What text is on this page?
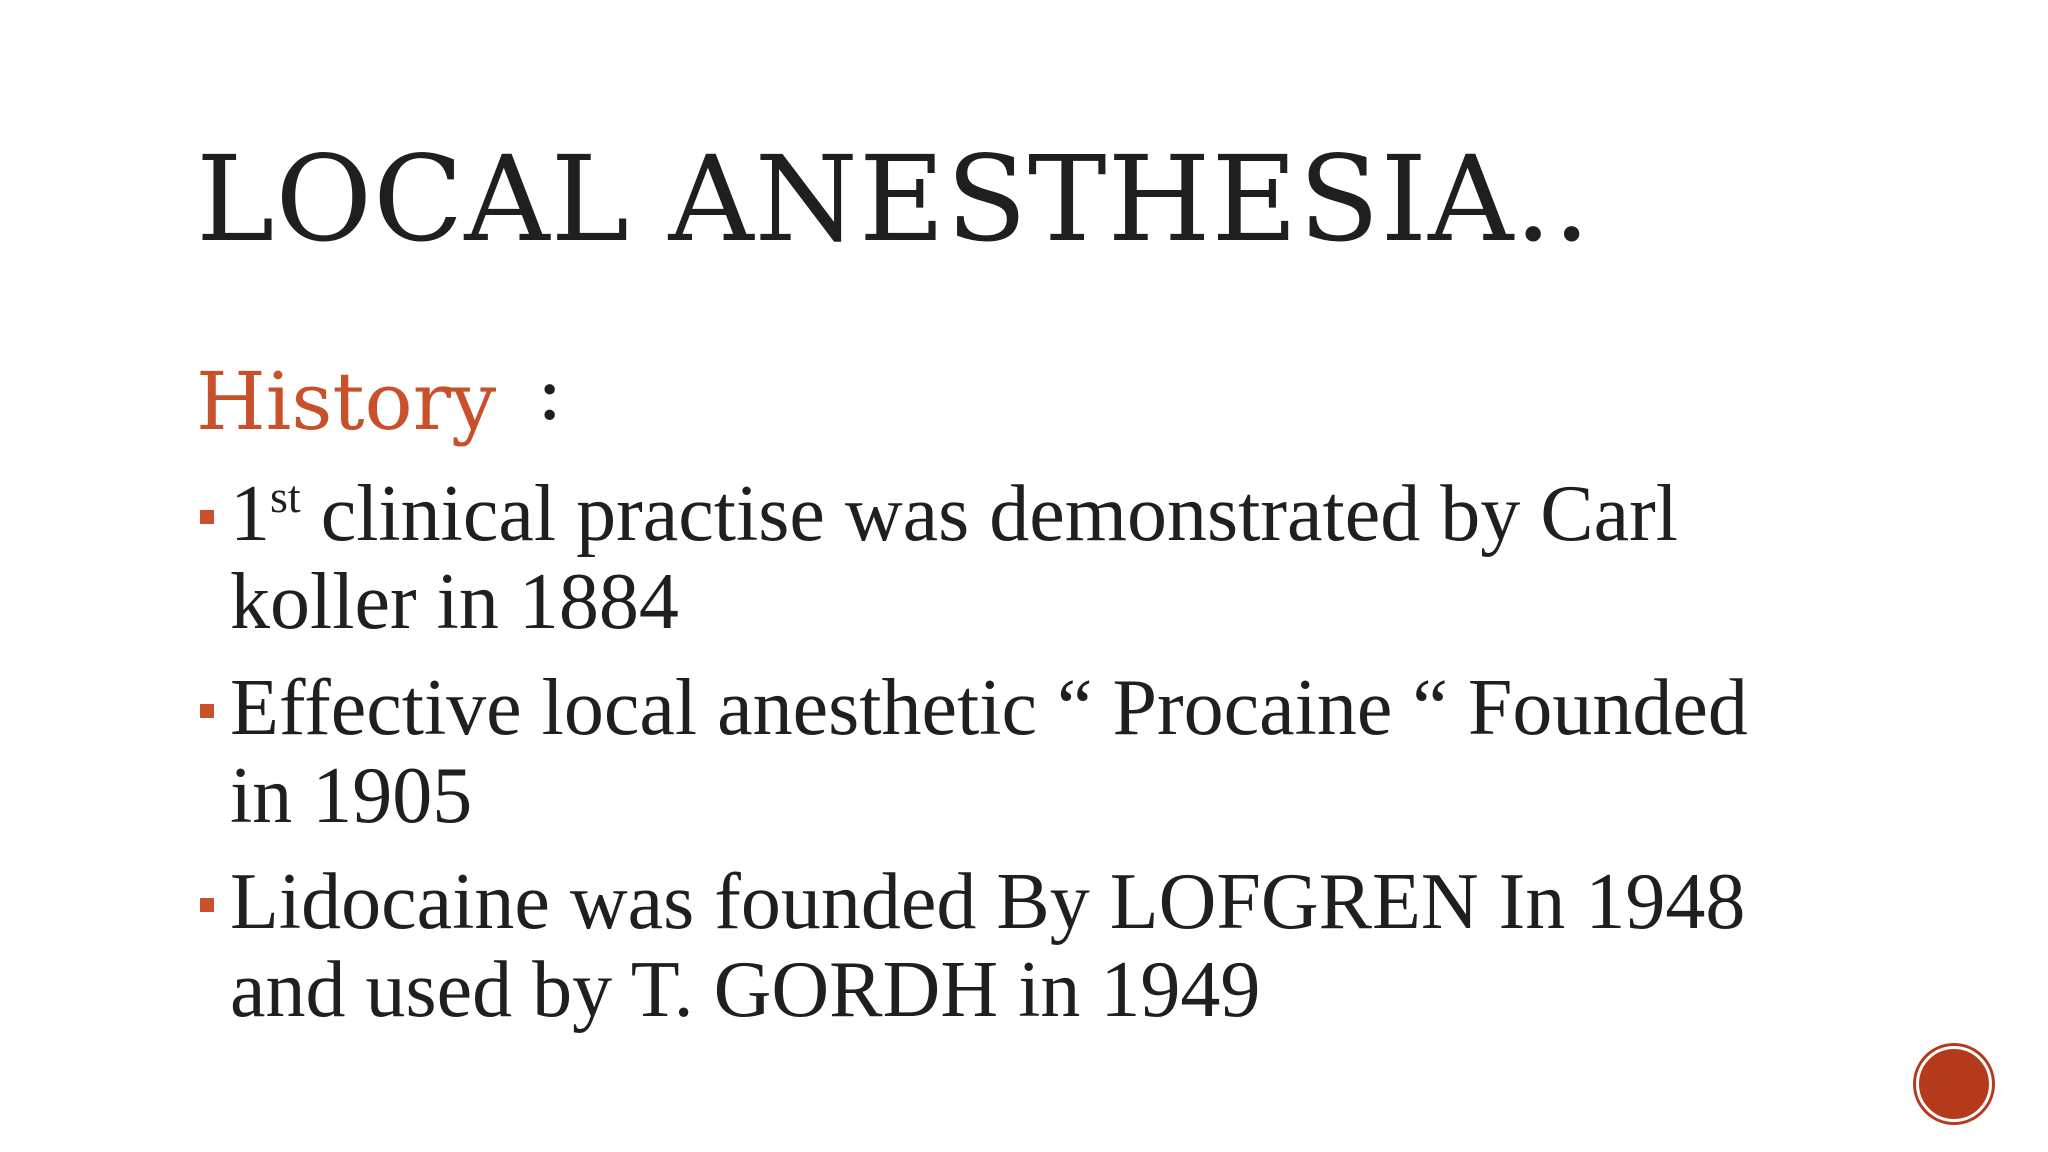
LOCAL ANESTHESIA..
History :
1st clinical practise was demonstrated by Carl koller in 1884
Effective local anesthetic “ Procaine “ Founded in 1905
Lidocaine was founded By LOFGREN In 1948 and used by T. GORDH in 1949
